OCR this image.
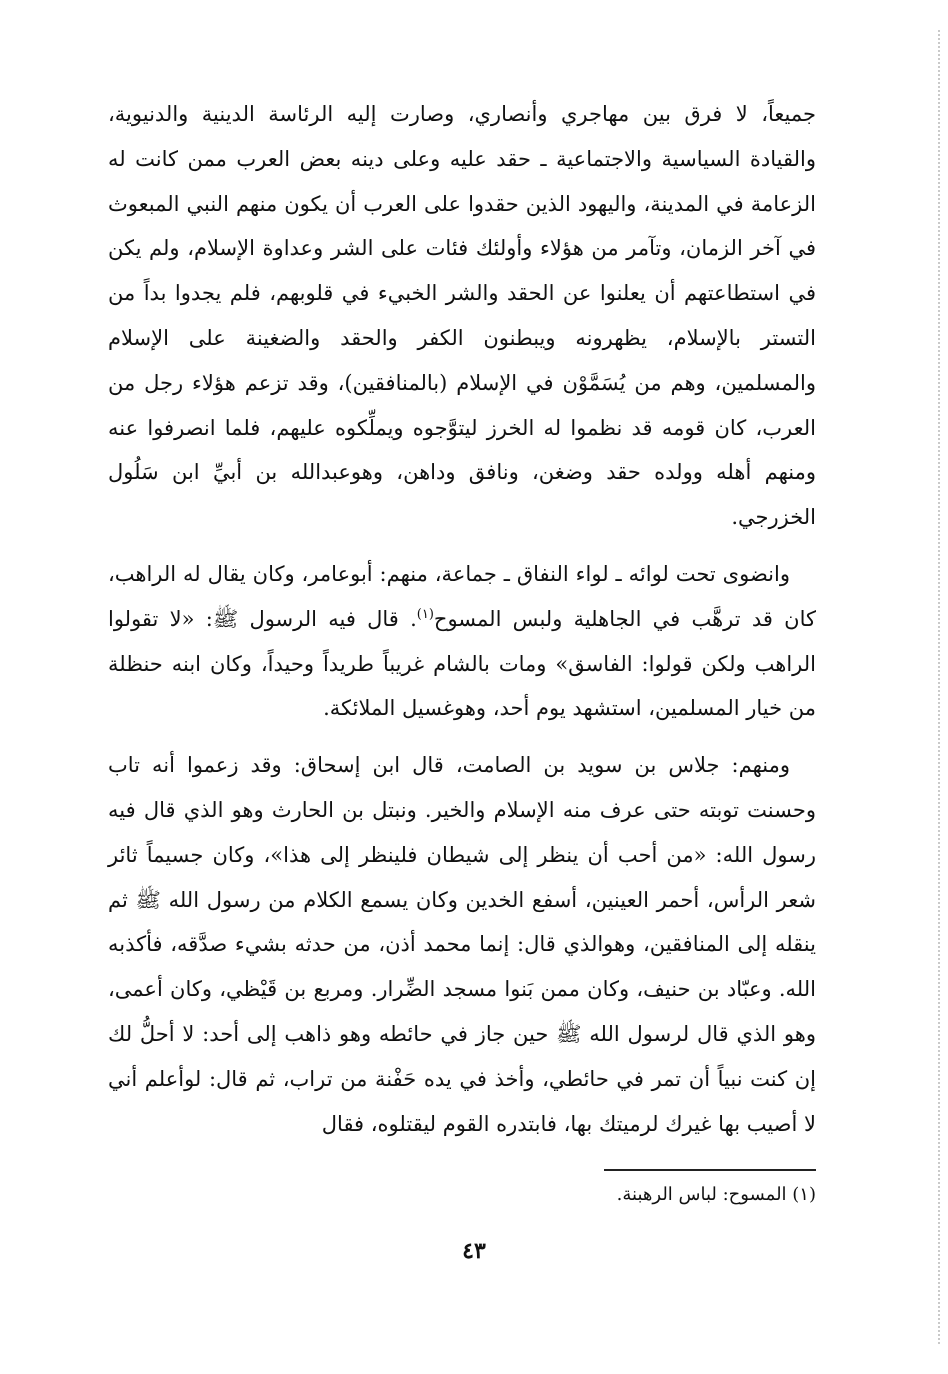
جميعاً، لا فرق بين مهاجري وأنصاري، وصارت إليه الرئاسة الدينية والدنيوية، والقيادة السياسية والاجتماعية ـ حقد عليه وعلى دينه بعض العرب ممن كانت له الزعامة في المدينة، واليهود الذين حقدوا على العرب أن يكون منهم النبي المبعوث في آخر الزمان، وتآمر من هؤلاء وأولئك فئات على الشر وعداوة الإسلام، ولم يكن في استطاعتهم أن يعلنوا عن الحقد والشر الخبيء في قلوبهم، فلم يجدوا بداً من التستر بالإسلام، يظهرونه ويبطنون الكفر والحقد والضغينة على الإسلام والمسلمين، وهم من يُسَمَّوْن في الإسلام (بالمنافقين)، وقد تزعم هؤلاء رجل من العرب، كان قومه قد نظموا له الخرز ليتوَّجوه ويملِّكوه عليهم، فلما انصرفوا عنه ومنهم أهله وولده حقد وضغن، ونافق وداهن، وهوعبدالله بن أبيِّ ابن سَلُول الخزرجي.

وانضوى تحت لوائه ـ لواء النفاق ـ جماعة، منهم: أبوعامر، وكان يقال له الراهب، كان قد ترهَّب في الجاهلية ولبس المسوح$^{(١)}$. قال فيه الرسول ﷺ: «لا تقولوا الراهب ولكن قولوا: الفاسق» ومات بالشام غريباً طريداً وحيداً، وكان ابنه حنظلة من خيار المسلمين، استشهد يوم أحد، وهوغسيل الملائكة.

ومنهم: جلاس بن سويد بن الصامت، قال ابن إسحاق: وقد زعموا أنه تاب وحسنت توبته حتى عرف منه الإسلام والخير. ونبتل بن الحارث وهو الذي قال فيه رسول الله: «من أحب أن ينظر إلى شيطان فلينظر إلى هذا»، وكان جسيماً ثائر شعر الرأس، أحمر العينين، أسفع الخدين وكان يسمع الكلام من رسول الله ﷺ ثم ينقله إلى المنافقين، وهوالذي قال: إنما محمد أذن، من حدثه بشيء صدَّقه، فأكذبه الله. وعبّاد بن حنيف، وكان ممن بَنوا مسجد الضِّرار. ومربع بن قَيْظي، وكان أعمى، وهو الذي قال لرسول الله ﷺ حين جاز في حائطه وهو ذاهب إلى أحد: لا أحلُّ لك إن كنت نبياً أن تمر في حائطي، وأخذ في يده حَفْنة من تراب، ثم قال: لوأعلم أني لا أصيب بها غيرك لرميتك بها، فابتدره القوم ليقتلوه، فقال

(١) المسوح: لباس الرهبنة.
٤٣
